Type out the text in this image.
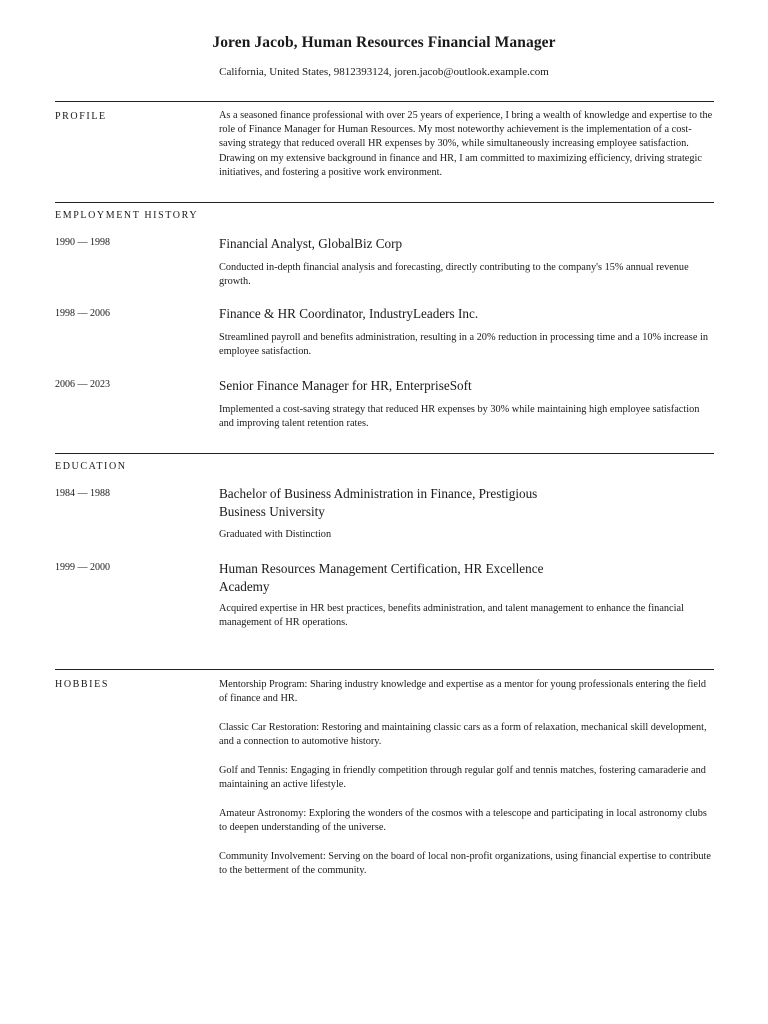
Joren Jacob, Human Resources Financial Manager
California, United States, 9812393124, joren.jacob@outlook.example.com
PROFILE	As a seasoned finance professional with over 25 years of experience, I bring a wealth of knowledge and expertise to the role of Finance Manager for Human Resources. My most noteworthy achievement is the implementation of a cost-saving strategy that reduced overall HR expenses by 30%, while simultaneously increasing employee satisfaction. Drawing on my extensive background in finance and HR, I am committed to maximizing efficiency, driving strategic initiatives, and fostering a positive work environment.
EMPLOYMENT HISTORY
1990 — 1998	Financial Analyst, GlobalBiz Corp
Conducted in-depth financial analysis and forecasting, directly contributing to the company's 15% annual revenue growth.
1998 — 2006	Finance & HR Coordinator, IndustryLeaders Inc.
Streamlined payroll and benefits administration, resulting in a 20% reduction in processing time and a 10% increase in employee satisfaction.
2006 — 2023	Senior Finance Manager for HR, EnterpriseSoft
Implemented a cost-saving strategy that reduced HR expenses by 30% while maintaining high employee satisfaction and improving talent retention rates.
EDUCATION
1984 — 1988	Bachelor of Business Administration in Finance, Prestigious Business University
Graduated with Distinction
1999 — 2000	Human Resources Management Certification, HR Excellence Academy
Acquired expertise in HR best practices, benefits administration, and talent management to enhance the financial management of HR operations.
HOBBIES	Mentorship Program: Sharing industry knowledge and expertise as a mentor for young professionals entering the field of finance and HR.
Classic Car Restoration: Restoring and maintaining classic cars as a form of relaxation, mechanical skill development, and a connection to automotive history.
Golf and Tennis: Engaging in friendly competition through regular golf and tennis matches, fostering camaraderie and maintaining an active lifestyle.
Amateur Astronomy: Exploring the wonders of the cosmos with a telescope and participating in local astronomy clubs to deepen understanding of the universe.
Community Involvement: Serving on the board of local non-profit organizations, using financial expertise to contribute to the betterment of the community.
